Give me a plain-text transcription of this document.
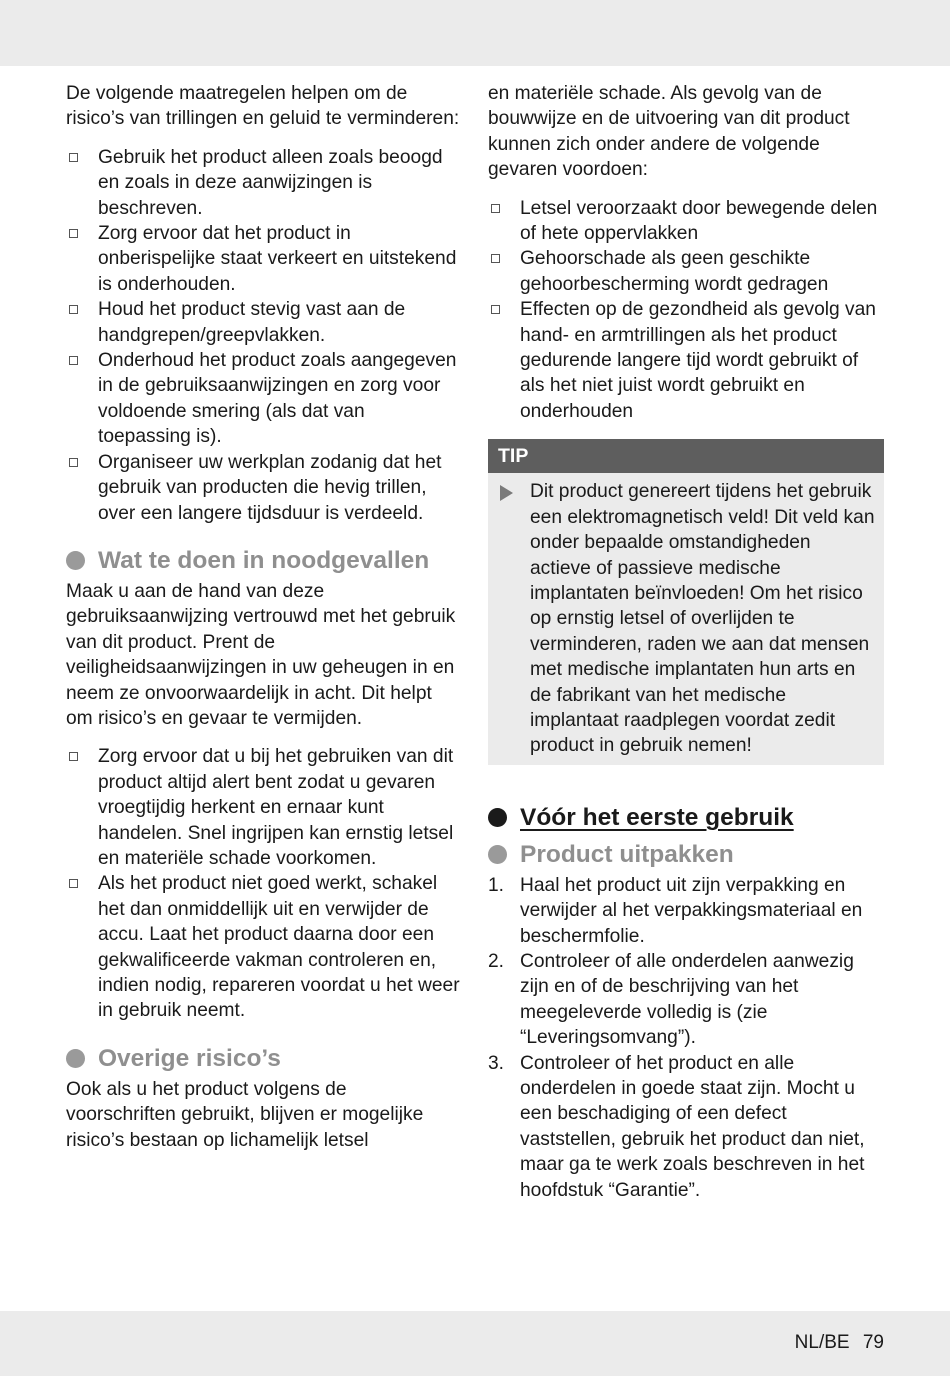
De volgende maatregelen helpen om de risico’s van trillingen en geluid te verminderen:

Gebruik het product alleen zoals beoogd en zoals in deze aanwijzingen is beschreven.
Zorg ervoor dat het product in onberispelijke staat verkeert en uitstekend is onderhouden.
Houd het product stevig vast aan de handgrepen/greepvlakken.
Onderhoud het product zoals aangegeven in de gebruiksaanwijzingen en zorg voor voldoende smering (als dat van toepassing is).
Organiseer uw werkplan zodanig dat het gebruik van producten die hevig trillen, over een langere tijdsduur is verdeeld.
Wat te doen in noodgevallen

Maak u aan de hand van deze gebruiksaanwijzing vertrouwd met het gebruik van dit product. Prent de veiligheidsaanwijzingen in uw geheugen in en neem ze onvoorwaardelijk in acht. Dit helpt om risico’s en gevaar te vermijden.

Zorg ervoor dat u bij het gebruiken van dit product altijd alert bent zodat u gevaren vroegtijdig herkent en ernaar kunt handelen. Snel ingrijpen kan ernstig letsel en materiële schade voorkomen.
Als het product niet goed werkt, schakel het dan onmiddellijk uit en verwijder de accu. Laat het product daarna door een gekwalificeerde vakman controleren en, indien nodig, repareren voordat u het weer in gebruik neemt.
Overige risico’s

Ook als u het product volgens de voorschriften gebruikt, blijven er mogelijke risico’s bestaan op lichamelijk letsel

en materiële schade. Als gevolg van de bouwwijze en de uitvoering van dit product kunnen zich onder andere de volgende gevaren voordoen:

Letsel veroorzaakt door bewegende delen of hete oppervlakken
Gehoorschade als geen geschikte gehoorbescherming wordt gedragen
Effecten op de gezondheid als gevolg van hand- en armtrillingen als het product gedurende langere tijd wordt gebruikt of als het niet juist wordt gebruikt en onderhouden
TIP

Dit product genereert tijdens het gebruik een elektromagnetisch veld! Dit veld kan onder bepaalde omstandigheden actieve of passieve medische implantaten beïnvloeden! Om het risico op ernstig letsel of overlijden te verminderen, raden we aan dat mensen met medische implantaten hun arts en de fabrikant van het medische implantaat raadplegen voordat zedit product in gebruik nemen!

Vóór het eerste gebruik
Product uitpakken
1. Haal het product uit zijn verpakking en verwijder al het verpakkingsmateriaal en beschermfolie.
2. Controleer of alle onderdelen aanwezig zijn en of de beschrijving van het meegeleverde volledig is (zie “Leveringsomvang”).
3. Controleer of het product en alle onderdelen in goede staat zijn. Mocht u een beschadiging of een defect vaststellen, gebruik het product dan niet, maar ga te werk zoals beschreven in het hoofdstuk “Garantie”.
NL/BE 79
